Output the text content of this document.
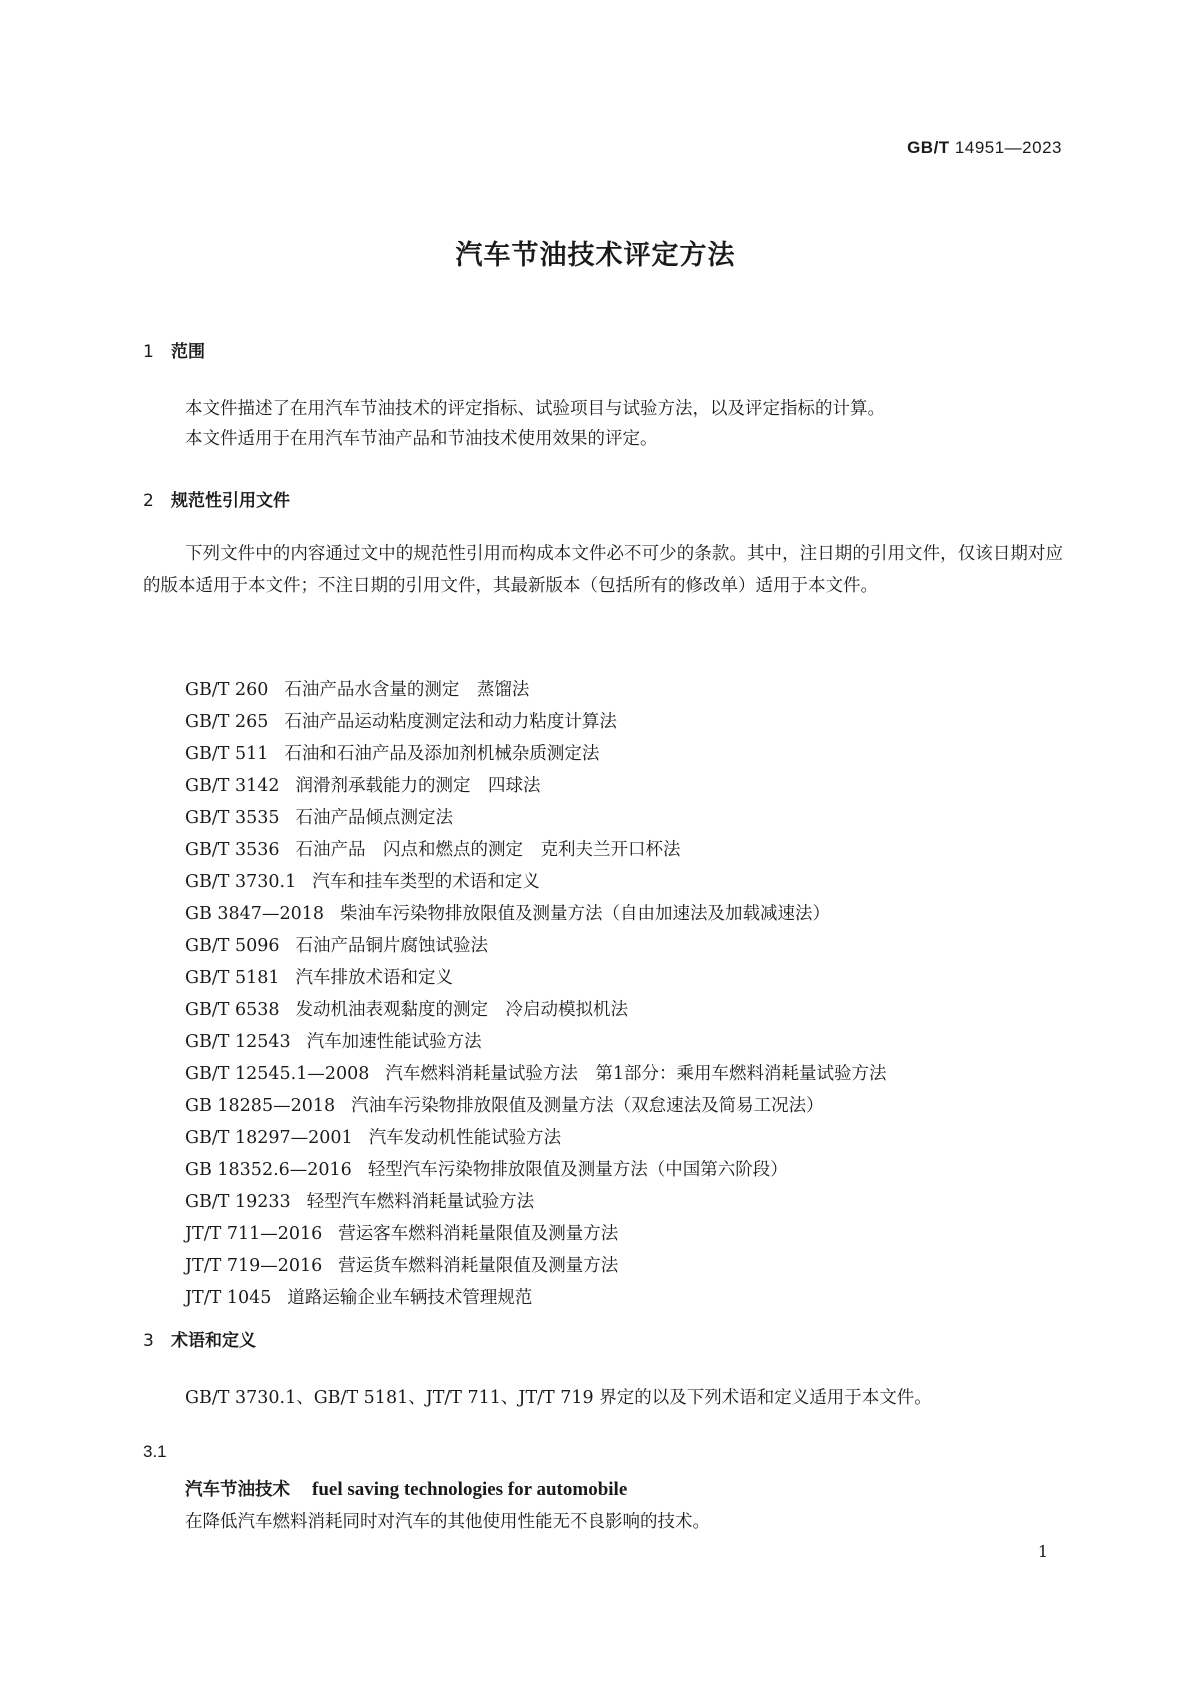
GB/T 14951—2023
汽车节油技术评定方法
1 范围
本文件描述了在用汽车节油技术的评定指标、试验项目与试验方法，以及评定指标的计算。
本文件适用于在用汽车节油产品和节油技术使用效果的评定。
2 规范性引用文件
下列文件中的内容通过文中的规范性引用而构成本文件必不可少的条款。其中，注日期的引用文件，仅该日期对应的版本适用于本文件；不注日期的引用文件，其最新版本（包括所有的修改单）适用于本文件。
GB/T 260 石油产品水含量的测定　蒸馏法
GB/T 265 石油产品运动粘度测定法和动力粘度计算法
GB/T 511 石油和石油产品及添加剂机械杂质测定法
GB/T 3142 润滑剂承载能力的测定　四球法
GB/T 3535 石油产品倾点测定法
GB/T 3536 石油产品　闪点和燃点的测定　克利夫兰开口杯法
GB/T 3730.1 汽车和挂车类型的术语和定义
GB 3847—2018 柴油车污染物排放限值及测量方法（自由加速法及加载减速法）
GB/T 5096 石油产品铜片腐蚀试验法
GB/T 5181 汽车排放术语和定义
GB/T 6538 发动机油表观黏度的测定　冷启动模拟机法
GB/T 12543 汽车加速性能试验方法
GB/T 12545.1—2008 汽车燃料消耗量试验方法　第1部分：乘用车燃料消耗量试验方法
GB 18285—2018 汽油车污染物排放限值及测量方法（双怠速法及简易工况法）
GB/T 18297—2001 汽车发动机性能试验方法
GB 18352.6—2016 轻型汽车污染物排放限值及测量方法（中国第六阶段）
GB/T 19233 轻型汽车燃料消耗量试验方法
JT/T 711—2016 营运客车燃料消耗量限值及测量方法
JT/T 719—2016 营运货车燃料消耗量限值及测量方法
JT/T 1045 道路运输企业车辆技术管理规范
3 术语和定义
GB/T 3730.1、GB/T 5181、JT/T 711、JT/T 719 界定的以及下列术语和定义适用于本文件。
3.1
汽车节油技术 fuel saving technologies for automobile
在降低汽车燃料消耗同时对汽车的其他使用性能无不良影响的技术。
1
